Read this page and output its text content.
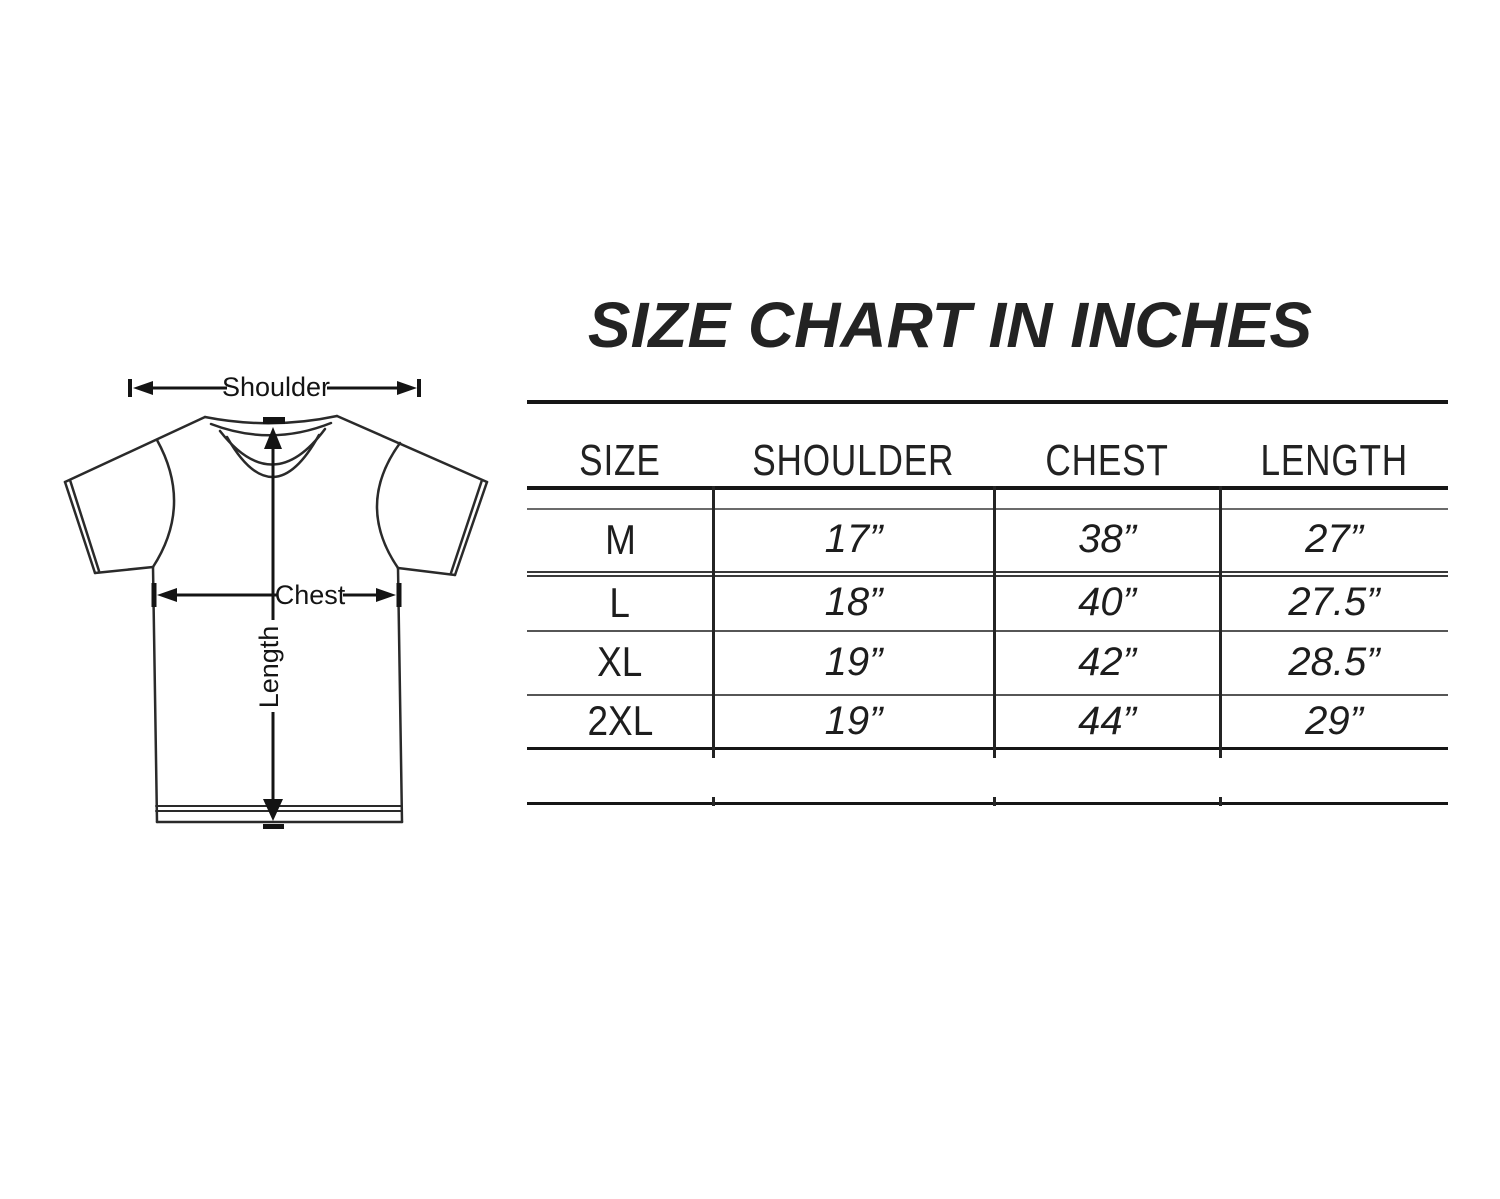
Shoulder
Chest
Length
SIZE CHART IN INCHES
SIZE SHOULDER CHEST LENGTH
M	17”	38”	27”
L	18”	40”	27.5”
XL	19”	42”	28.5”
2XL	19”	44”	29”
